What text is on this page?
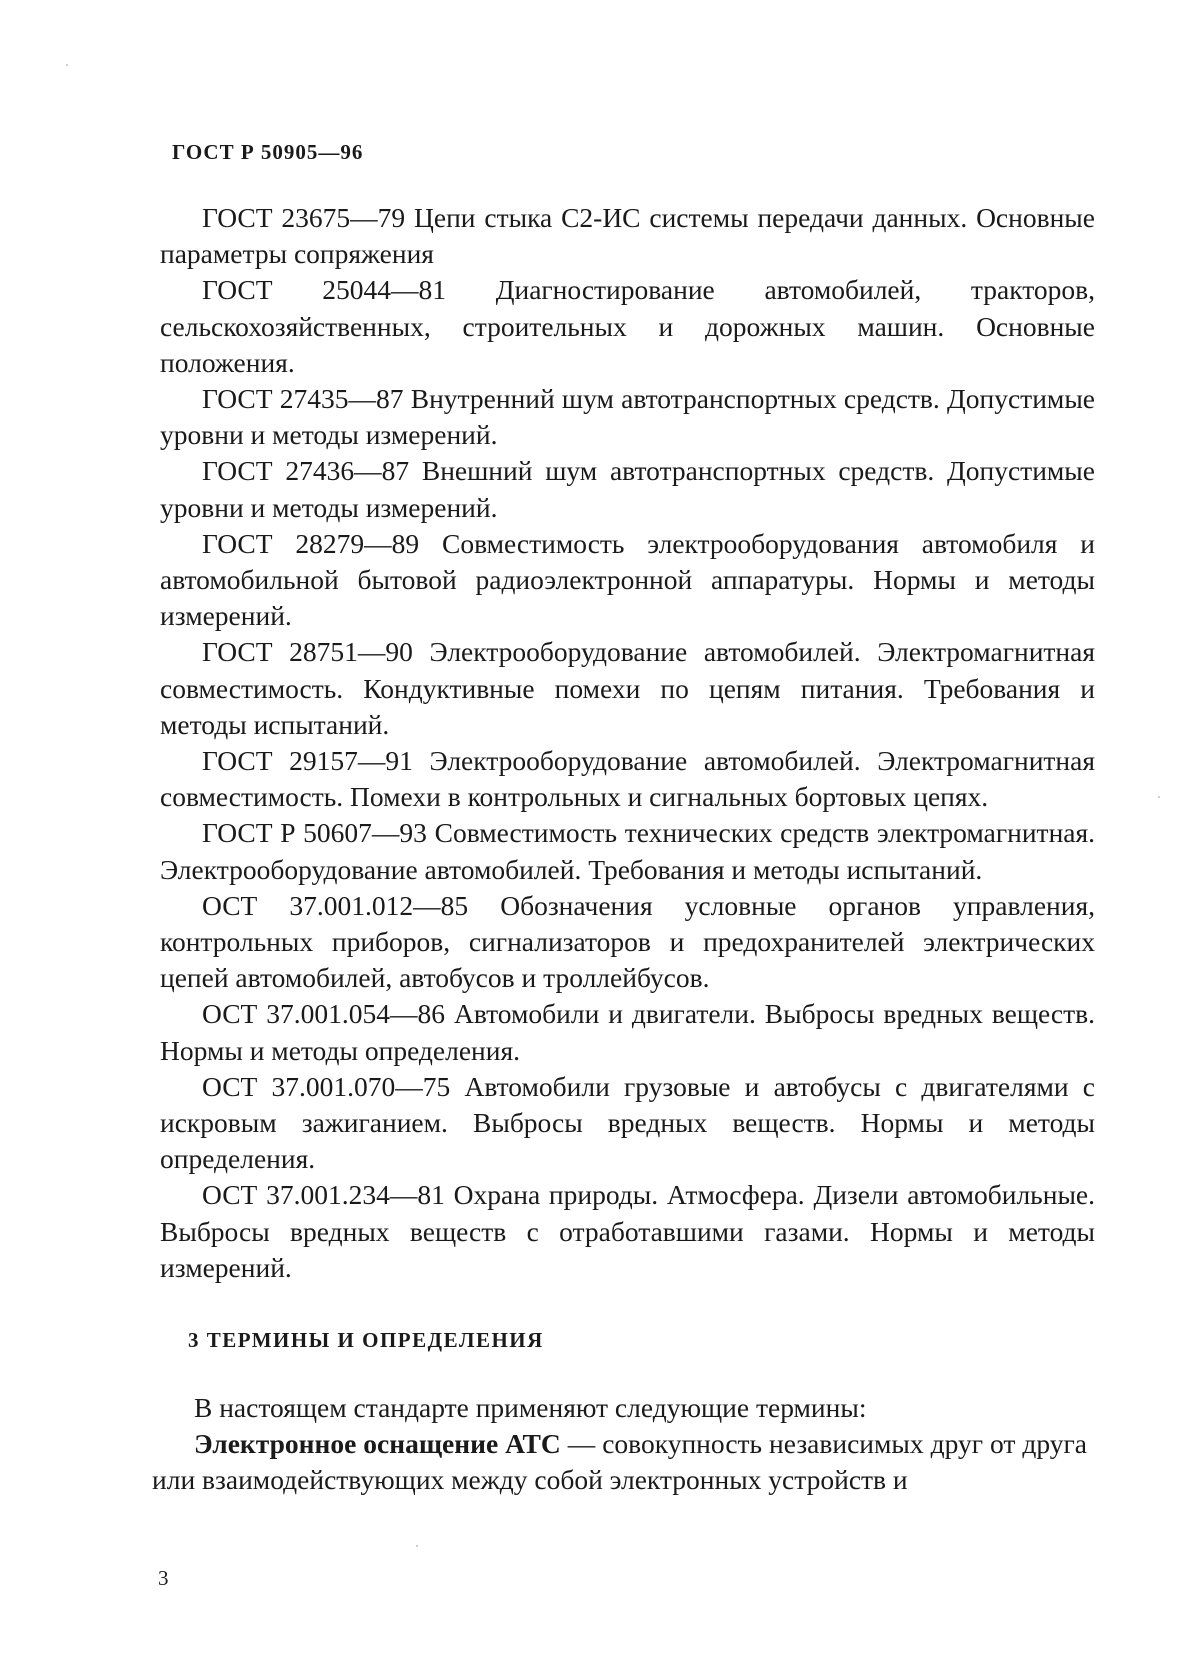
ГОСТ Р 50905—96

ГОСТ 23675—79 Цепи стыка С2-ИС системы передачи данных. Основные параметры сопряжения

ГОСТ 25044—81 Диагностирование автомобилей, тракторов, сельскохозяйственных, строительных и дорожных машин. Основные положения.

ГОСТ 27435—87 Внутренний шум автотранспортных средств. Допустимые уровни и методы измерений.

ГОСТ 27436—87 Внешний шум автотранспортных средств. Допустимые уровни и методы измерений.

ГОСТ 28279—89 Совместимость электрооборудования автомобиля и автомобильной бытовой радиоэлектронной аппаратуры. Нормы и методы измерений.

ГОСТ 28751—90 Электрооборудование автомобилей. Электромагнитная совместимость. Кондуктивные помехи по цепям питания. Требования и методы испытаний.

ГОСТ 29157—91 Электрооборудование автомобилей. Электромагнитная совместимость. Помехи в контрольных и сигнальных бортовых цепях.

ГОСТ Р 50607—93 Совместимость технических средств электромагнитная. Электрооборудование автомобилей. Требования и методы испытаний.

ОСТ 37.001.012—85 Обозначения условные органов управления, контрольных приборов, сигнализаторов и предохранителей электрических цепей автомобилей, автобусов и троллейбусов.

ОСТ 37.001.054—86 Автомобили и двигатели. Выбросы вредных веществ. Нормы и методы определения.

ОСТ 37.001.070—75 Автомобили грузовые и автобусы с двигателями с искровым зажиганием. Выбросы вредных веществ. Нормы и методы определения.

ОСТ 37.001.234—81 Охрана природы. Атмосфера. Дизели автомобильные. Выбросы вредных веществ с отработавшими газами. Нормы и методы измерений.

3 ТЕРМИНЫ И ОПРЕДЕЛЕНИЯ

В настоящем стандарте применяют следующие термины:

Электронное оснащение АТС — совокупность независимых друг от друга или взаимодействующих между собой электронных устройств и

3
